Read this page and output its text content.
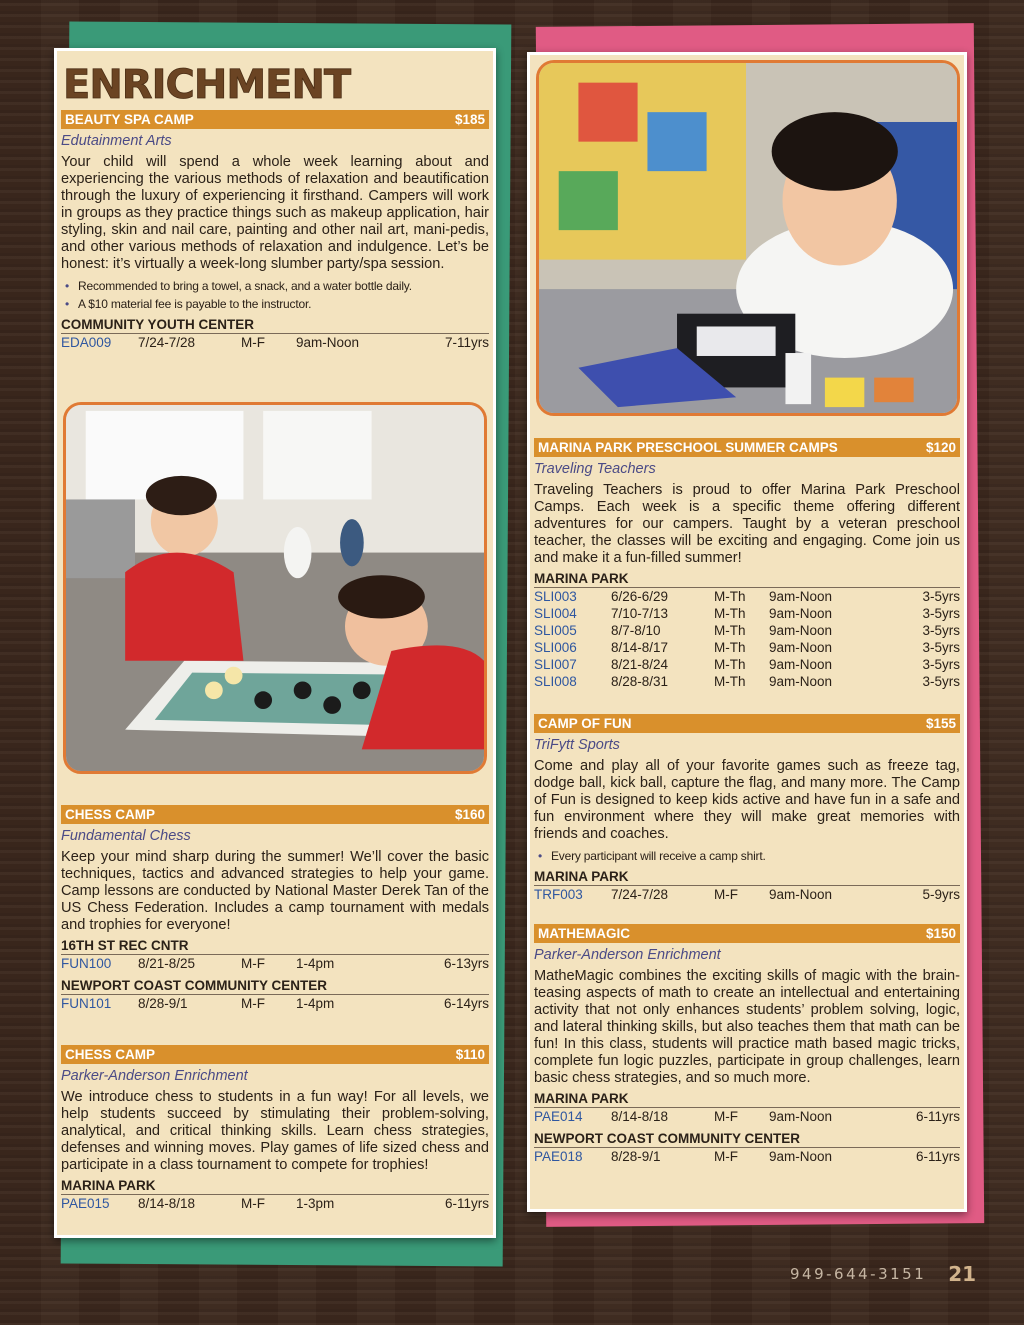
ENRICHMENT
BEAUTY SPA CAMP	$185
Edutainment Arts

Your child will spend a whole week learning about and experiencing the various methods of relaxation and beautification through the luxury of experiencing it firsthand. Campers will work in groups as they practice things such as makeup application, hair styling, skin and nail care, painting and other nail art, mani-pedis, and other various methods of relaxation and indulgence. Let’s be honest: it’s virtually a week-long slumber party/spa session.

• Recommended to bring a towel, a snack, and a water bottle daily.
• A $10 material fee is payable to the instructor.
COMMUNITY YOUTH CENTER
EDA009	7/24-7/28	M-F	9am-Noon	7-11yrs
CHESS CAMP	$160
Fundamental Chess

Keep your mind sharp during the summer! We’ll cover the basic techniques, tactics and advanced strategies to help your game. Camp lessons are conducted by National Master Derek Tan of the US Chess Federation. Includes a camp tournament with medals and trophies for everyone!

16TH ST REC CNTR
FUN100	8/21-8/25	M-F	1-4pm	6-13yrs
NEWPORT COAST COMMUNITY CENTER
FUN101	8/28-9/1	M-F	1-4pm	6-14yrs
CHESS CAMP	$110
Parker-Anderson Enrichment

We introduce chess to students in a fun way! For all levels, we help students succeed by stimulating their problem-solving, analytical, and critical thinking skills. Learn chess strategies, defenses and winning moves. Play games of life sized chess and participate in a class tournament to compete for trophies!

MARINA PARK
PAE015	8/14-8/18	M-F	1-3pm	6-11yrs
MARINA PARK PRESCHOOL SUMMER CAMPS	$120
Traveling Teachers

Traveling Teachers is proud to offer Marina Park Preschool Camps. Each week is a specific theme offering different adventures for our campers. Taught by a veteran preschool teacher, the classes will be exciting and engaging. Come join us and make it a fun-filled summer!

MARINA PARK
SLI003	6/26-6/29	M-Th	9am-Noon	3-5yrs
SLI004	7/10-7/13	M-Th	9am-Noon	3-5yrs
SLI005	8/7-8/10	M-Th	9am-Noon	3-5yrs
SLI006	8/14-8/17	M-Th	9am-Noon	3-5yrs
SLI007	8/21-8/24	M-Th	9am-Noon	3-5yrs
SLI008	8/28-8/31	M-Th	9am-Noon	3-5yrs
CAMP OF FUN	$155
TriFytt Sports

Come and play all of your favorite games such as freeze tag, dodge ball, kick ball, capture the flag, and many more. The Camp of Fun is designed to keep kids active and have fun in a safe and fun environment where they will make great memories with friends and coaches.

• Every participant will receive a camp shirt.
MARINA PARK
TRF003	7/24-7/28	M-F	9am-Noon	5-9yrs
MATHEMAGIC	$150
Parker-Anderson Enrichment

MatheMagic combines the exciting skills of magic with the brain-teasing aspects of math to create an intellectual and entertaining activity that not only enhances students’ problem solving, logic, and lateral thinking skills, but also teaches them that math can be fun! In this class, students will practice math based magic tricks, complete fun logic puzzles, participate in group challenges, learn basic chess strategies, and so much more.

MARINA PARK
PAE014	8/14-8/18	M-F	9am-Noon	6-11yrs
NEWPORT COAST COMMUNITY CENTER
PAE018	8/28-9/1	M-F	9am-Noon	6-11yrs
949-644-3151 21
